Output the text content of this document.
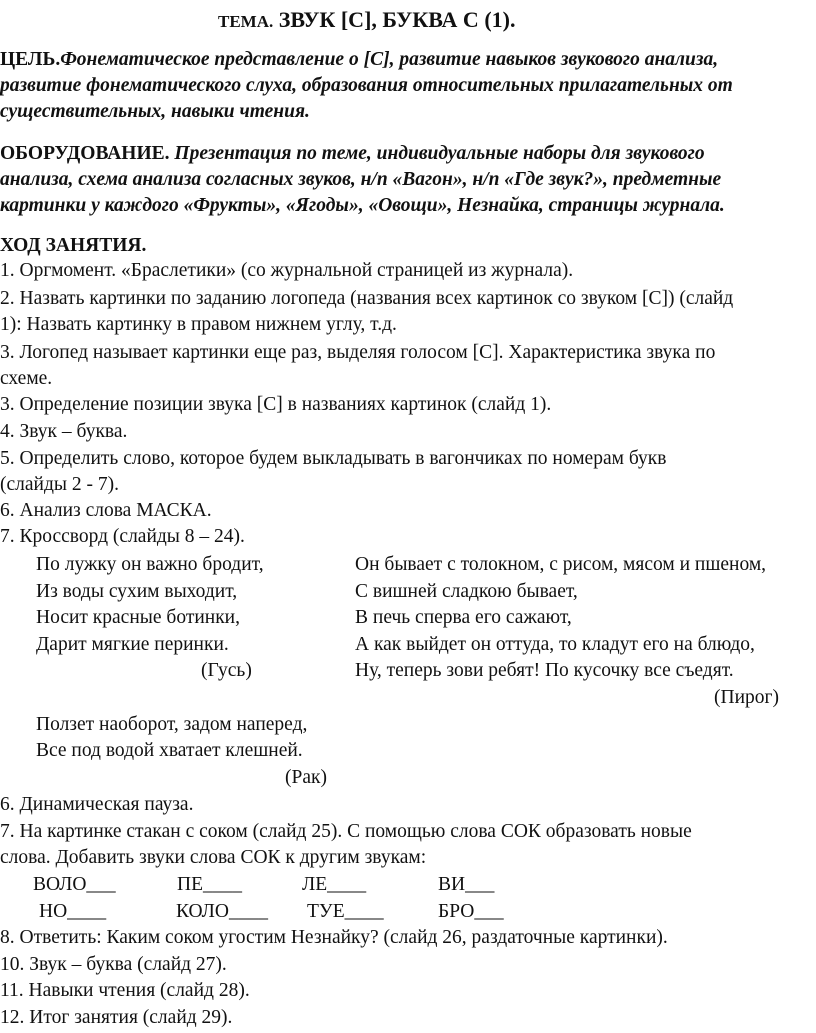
ТЕМА. ЗВУК [С], БУКВА С (1).
ЦЕЛЬ.Фонематическое представление о [С], развитие навыков звукового анализа,
развитие фонематического слуха, образования относительных прилагательных от
существительных, навыки чтения.
ОБОРУДОВАНИЕ. Презентация по теме, индивидуальные наборы для звукового
анализа, схема анализа согласных звуков, н/п «Вагон», н/п «Где звук?», предметные
картинки у каждого «Фрукты», «Ягоды», «Овощи», Незнайка, страницы журнала.
ХОД ЗАНЯТИЯ.
1. Оргмомент. «Браслетики» (со журнальной страницей из журнала).
2. Назвать картинки по заданию логопеда (названия всех картинок со звуком [С]) (слайд
1): Назвать картинку в правом нижнем углу, т.д.
3. Логопед называет картинки еще раз, выделяя голосом [С]. Характеристика звука по
схеме.
3. Определение позиции звука [С] в названиях картинок (слайд 1).
4. Звук – буква.
5. Определить слово, которое будем выкладывать в вагончиках по номерам букв
(слайды 2 - 7).
6. Анализ слова МАСКА.
7. Кроссворд (слайды 8 – 24).
По лужку он важно бродит,
Из воды сухим выходит,
Носит красные ботинки,
Дарит мягкие перинки.
(Гусь)
Он бывает с толокном, с рисом, мясом и пшеном,
С вишней сладкою бывает,
В печь сперва его сажают,
А как выйдет он оттуда, то кладут его на блюдо,
Ну, теперь зови ребят! По кусочку все съедят.
(Пирог)
Ползет наоборот, задом наперед,
Все под водой хватает клешней.
(Рак)
6. Динамическая пауза.
7. На картинке стакан с соком (слайд 25). С помощью слова СОК образовать новые
слова. Добавить звуки слова СОК к другим звукам:
ВОЛО___	ПЕ____	ЛЕ____	ВИ___
НО____	КОЛО____ ТУЕ____	БРО___
8. Ответить: Каким соком угостим Незнайку? (слайд 26, раздаточные картинки).
10. Звук – буква (слайд 27).
11. Навыки чтения (слайд 28).
12. Итог занятия (слайд 29).
